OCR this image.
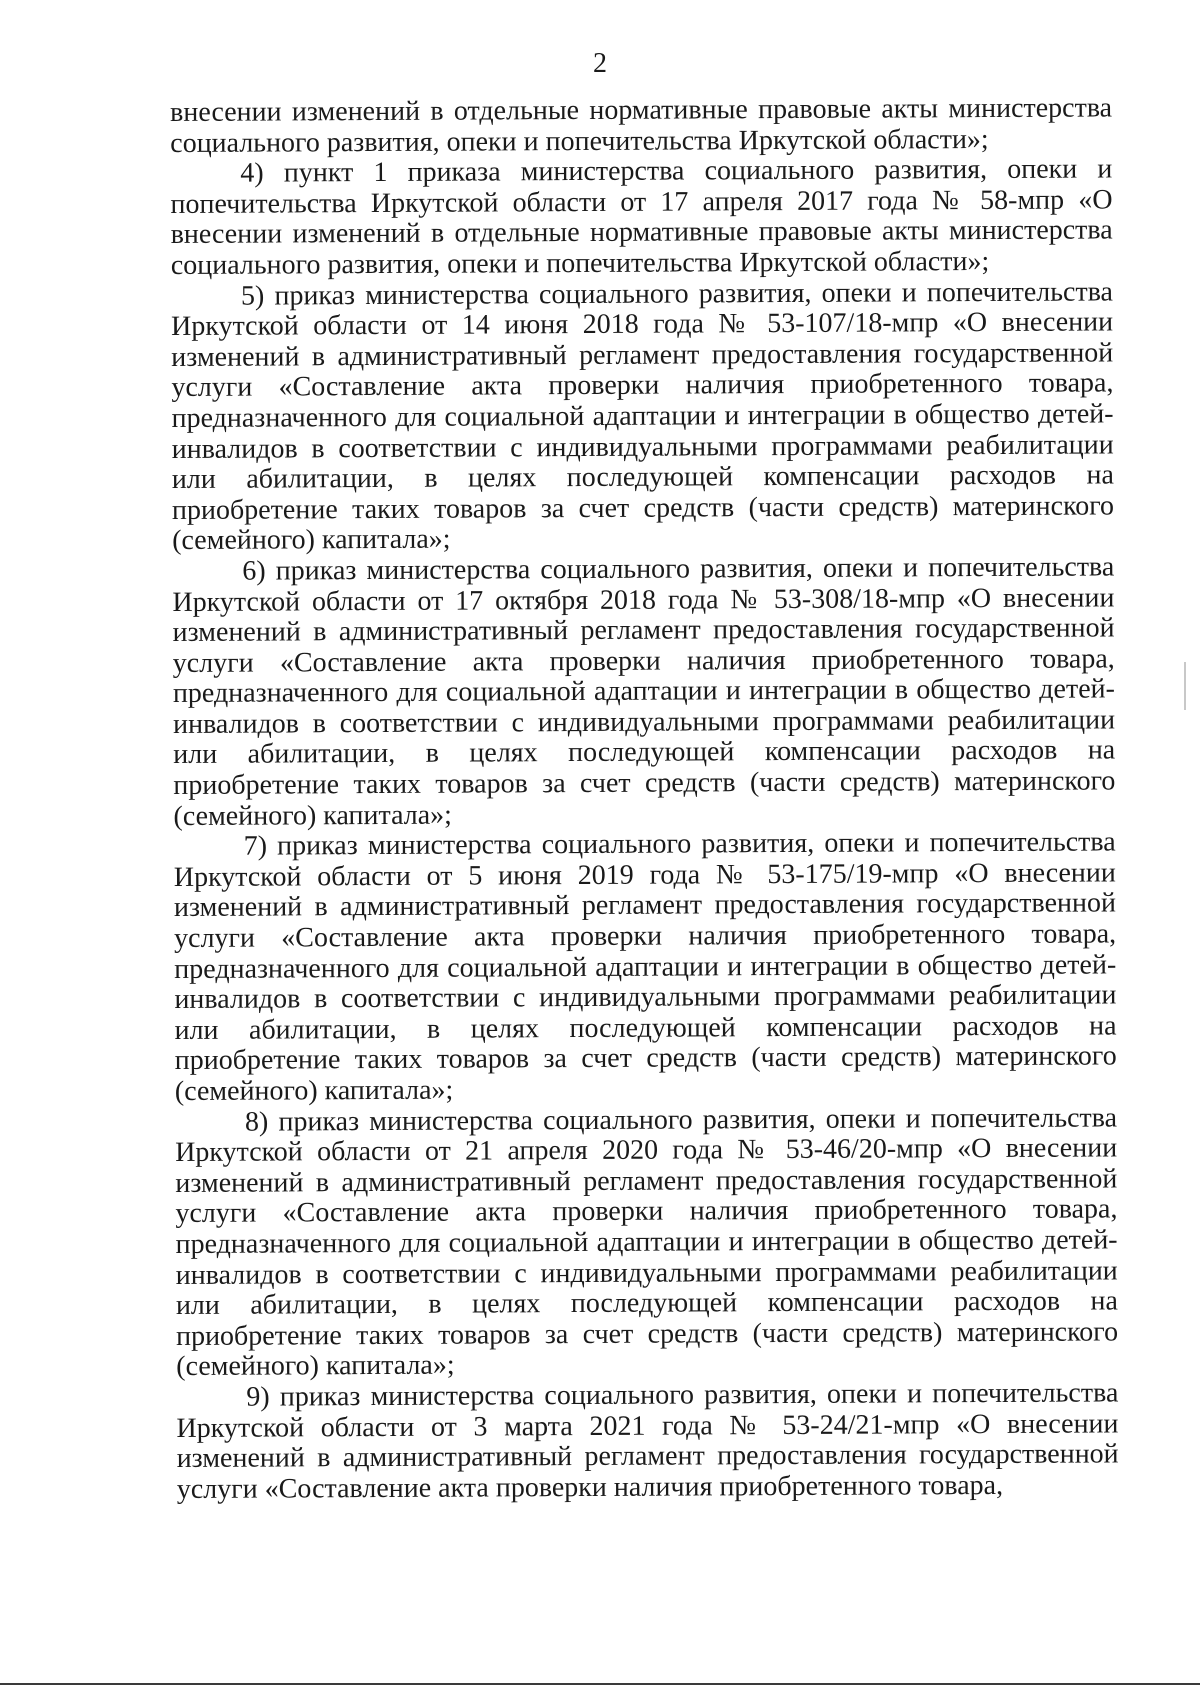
2

внесении изменений в отдельные нормативные правовые акты министерства социального развития, опеки и попечительства Иркутской области»;

4) пункт 1 приказа министерства социального развития, опеки и попечительства Иркутской области от 17 апреля 2017 года № 58-мпр «О внесении изменений в отдельные нормативные правовые акты министерства социального развития, опеки и попечительства Иркутской области»;

5) приказ министерства социального развития, опеки и попечительства Иркутской области от 14 июня 2018 года № 53-107/18-мпр «О внесении изменений в административный регламент предоставления государственной услуги «Составление акта проверки наличия приобретенного товара, предназначенного для социальной адаптации и интеграции в общество детей-инвалидов в соответствии с индивидуальными программами реабилитации или абилитации, в целях последующей компенсации расходов на приобретение таких товаров за счет средств (части средств) материнского (семейного) капитала»;

6) приказ министерства социального развития, опеки и попечительства Иркутской области от 17 октября 2018 года № 53-308/18-мпр «О внесении изменений в административный регламент предоставления государственной услуги «Составление акта проверки наличия приобретенного товара, предназначенного для социальной адаптации и интеграции в общество детей-инвалидов в соответствии с индивидуальными программами реабилитации или абилитации, в целях последующей компенсации расходов на приобретение таких товаров за счет средств (части средств) материнского (семейного) капитала»;

7) приказ министерства социального развития, опеки и попечительства Иркутской области от 5 июня 2019 года № 53-175/19-мпр «О внесении изменений в административный регламент предоставления государственной услуги «Составление акта проверки наличия приобретенного товара, предназначенного для социальной адаптации и интеграции в общество детей-инвалидов в соответствии с индивидуальными программами реабилитации или абилитации, в целях последующей компенсации расходов на приобретение таких товаров за счет средств (части средств) материнского (семейного) капитала»;

8) приказ министерства социального развития, опеки и попечительства Иркутской области от 21 апреля 2020 года № 53-46/20-мпр «О внесении изменений в административный регламент предоставления государственной услуги «Составление акта проверки наличия приобретенного товара, предназначенного для социальной адаптации и интеграции в общество детей-инвалидов в соответствии с индивидуальными программами реабилитации или абилитации, в целях последующей компенсации расходов на приобретение таких товаров за счет средств (части средств) материнского (семейного) капитала»;

9) приказ министерства социального развития, опеки и попечительства Иркутской области от 3 марта 2021 года № 53-24/21-мпр «О внесении изменений в административный регламент предоставления государственной услуги «Составление акта проверки наличия приобретенного товара,
